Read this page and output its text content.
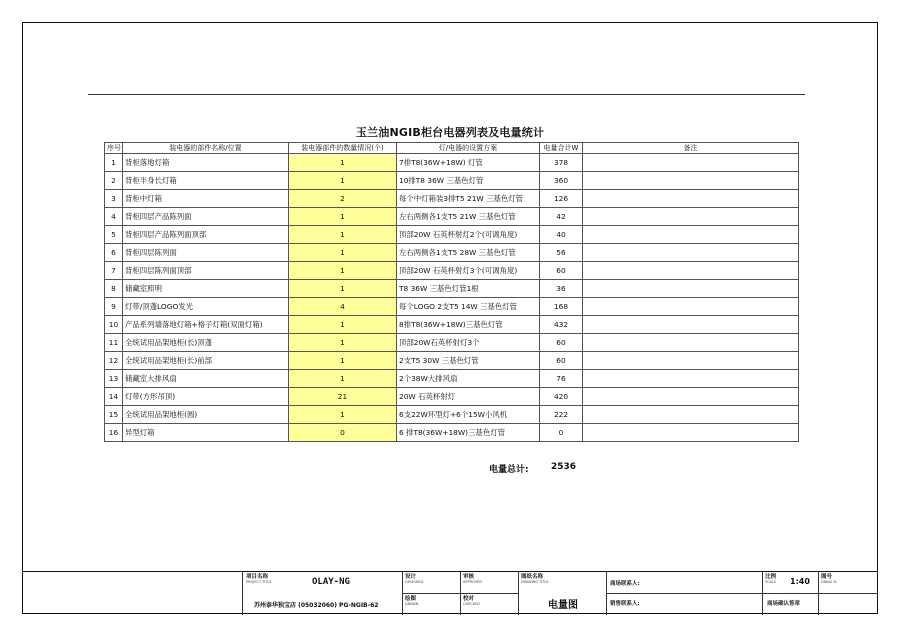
玉兰油NGIB柜台电器列表及电量统计
序号	装电器的部件名称/位置	装电器部件的数量情况(个)	灯/电器的设置方案	电量合计W	备注
1	背柜落地灯箱	1	7排T8(36W+18W) 灯管	378	
2	背柜半身长灯箱	1	10排T8 36W 三基色灯管	360	
3	背柜中灯箱	2	每个中灯箱装3排T5 21W 三基色灯管	126	
4	背柜四层产品陈列面	1	左右两侧各1支T5 21W 三基色灯管	42	
5	背柜四层产品陈列面顶部	1	顶部20W 石英杯射灯2个(可调角度)	40	
6	背柜四层陈列面	1	左右两侧各1支T5 28W 三基色灯管	56	
7	背柜四层陈列面顶部	1	顶部20W 石英杯射灯3个(可调角度)	60	
8	储藏室照明	1	T8 36W 三基色灯管1根	36	
9	灯带/顶蓬LOGO发光	4	每个LOGO 2支T5 14W 三基色灯管	168	
10	产品系列墙落地灯箱+格子灯箱(双面灯箱)	1	8排T8(36W+18W)三基色灯管	432	
11	全统试用品架地柜(长)顶蓬	1	顶部20W石英杯射灯3个	60	
12	全统试用品架地柜(长)前部	1	2支T5 30W 三基色灯管	60	
13	储藏室大排风扇	1	2个38W大排风扇	76	
14	灯带(方形吊顶)	21	20W 石英杯射灯	420	
15	全统试用品架地柜(圆)	1	6支22W环型灯+6个15W小风机	222	
16	异型灯箱	0	6 排T8(36W+18W)三基色灯管	0	
电量总计: 2536
项目名称
PROJECT TITLE	OLAY-NG
苏州泰华独宝店 (05032060) PG-NGIB-62
设计
DESIGNED
绘图
DRAWN
审核
APPROVED
校对
CHECKED
图纸名称
DRAWING TITLE
电量图
商场联系人:
销售联系人:
比例
SCALE 1:40 图号
DRAW. N.
商场确认签章
